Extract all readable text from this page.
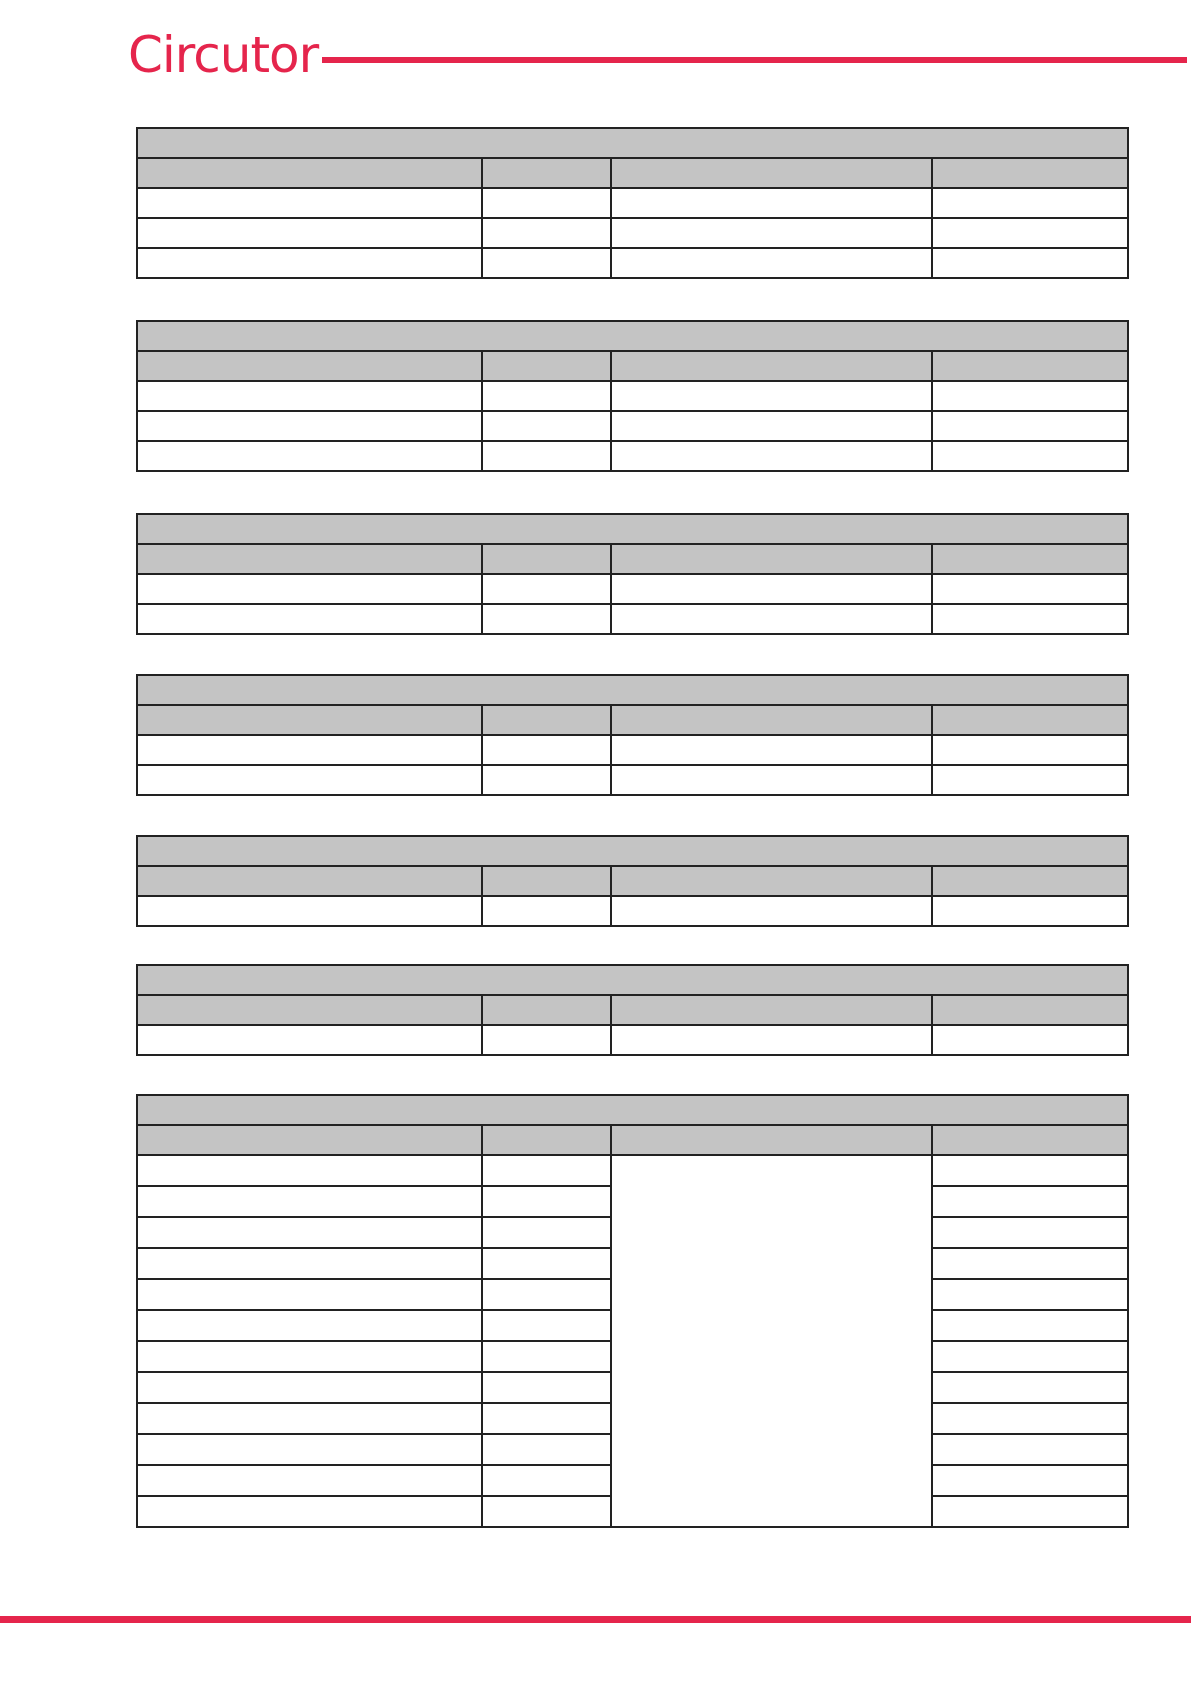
Circutor
